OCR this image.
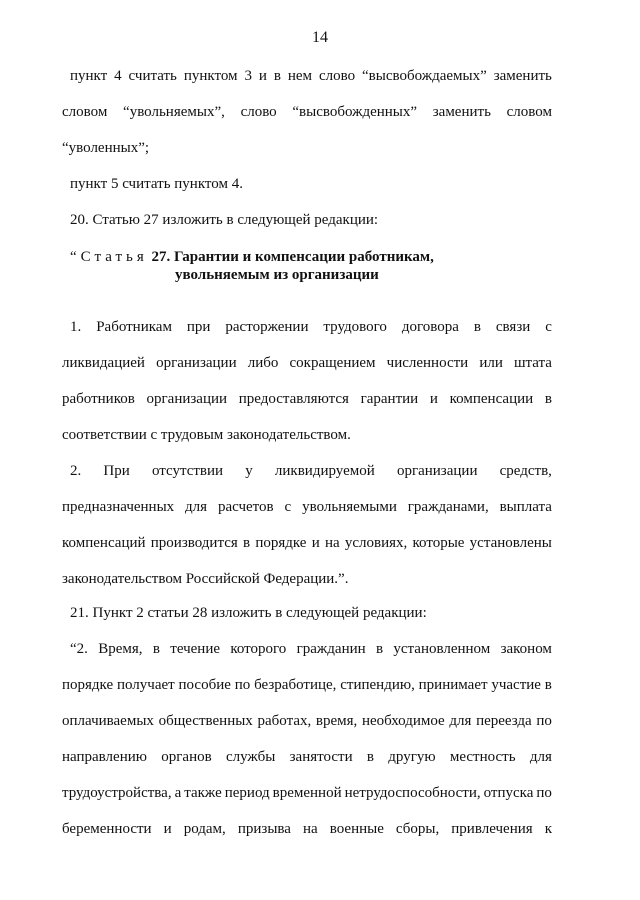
14
пункт 4 считать пунктом 3 и в нем слово “высвобождаемых” заменить
словом “увольняемых”, слово “высвобожденных” заменить словом
“уволенных”;
пункт 5 считать пунктом 4.
20. Статью 27 изложить в следующей редакции:
“Статья 27. Гарантии и компенсации работникам,
увольняемым из организации
1. Работникам при расторжении трудового договора в связи с
ликвидацией организации либо сокращением численности или штата
работников организации предоставляются гарантии и компенсации в
соответствии с трудовым законодательством.
2. При отсутствии у ликвидируемой организации средств,
предназначенных для расчетов с увольняемыми гражданами, выплата
компенсаций производится в порядке и на условиях, которые установлены
законодательством Российской Федерации.”.
21. Пункт 2 статьи 28 изложить в следующей редакции:
“2. Время, в течение которого гражданин в установленном законом
порядке получает пособие по безработице, стипендию, принимает участие в
оплачиваемых общественных работах, время, необходимое для переезда по
направлению органов службы занятости в другую местность для
трудоустройства, а также период временной нетрудоспособности, отпуска по
беременности и родам, призыва на военные сборы, привлечения к
